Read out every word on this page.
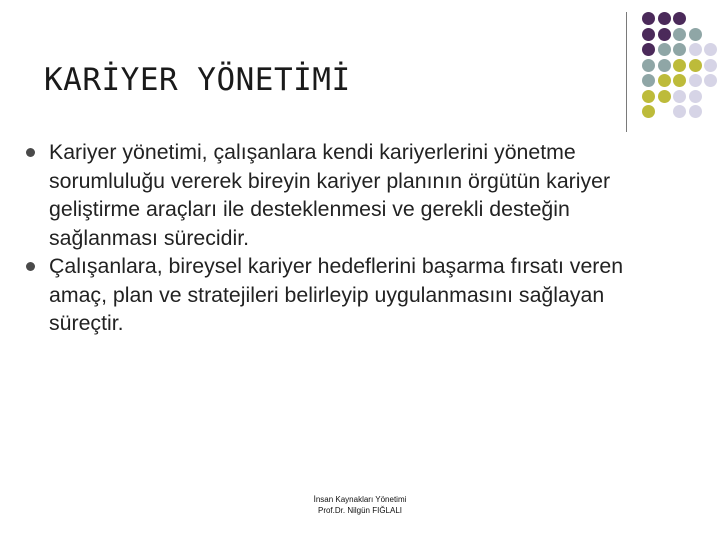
KARİYER YÖNETİMİ
Kariyer yönetimi, çalışanlara kendi kariyerlerini yönetme sorumluluğu vererek bireyin kariyer planının örgütün kariyer geliştirme araçları ile desteklenmesi ve gerekli desteğin sağlanması sürecidir.
Çalışanlara, bireysel kariyer hedeflerini başarma fırsatı veren amaç, plan ve stratejileri belirleyip uygulanmasını sağlayan süreçtir.
İnsan Kaynakları Yönetimi
Prof.Dr. Nilgün FIĞLALI
